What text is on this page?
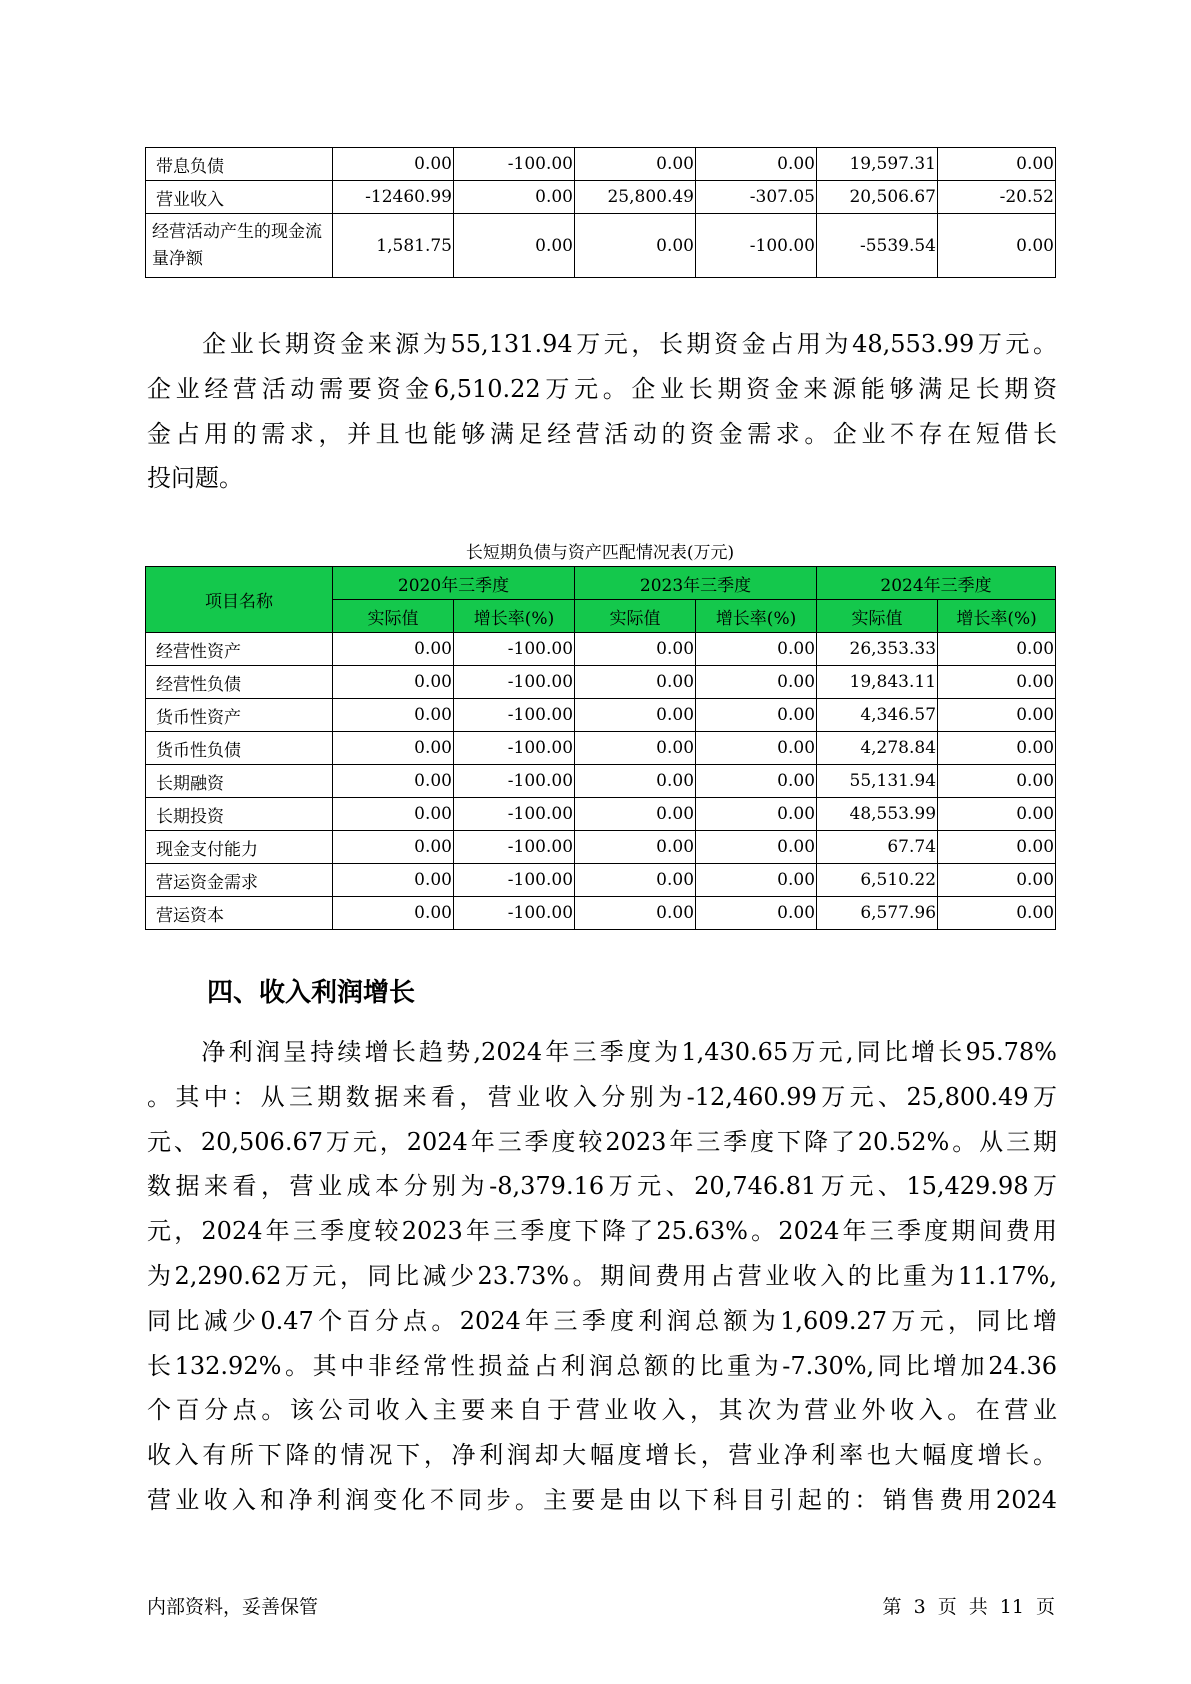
带息负债	0.00	-100.00	0.00	0.00	19,597.31	0.00
营业收入	-12460.99	0.00	25,800.49	-307.05	20,506.67	-20.52
经营活动产生的现金流量净额	1,581.75	0.00	0.00	-100.00	-5539.54	0.00
　　企业长期资金来源为55,131.94万元，长期资金占用为48,553.99万元。
企业经营活动需要资金6,510.22万元。企业长期资金来源能够满足长期资
金占用的需求，并且也能够满足经营活动的资金需求。企业不存在短借长
投问题。
长短期负债与资产匹配情况表(万元)
项目名称	2020年三季度		2023年三季度		2024年三季度	
	实际值	增长率(%)	实际值	增长率(%)	实际值	增长率(%)
经营性资产	0.00	-100.00	0.00	0.00	26,353.33	0.00
经营性负债	0.00	-100.00	0.00	0.00	19,843.11	0.00
货币性资产	0.00	-100.00	0.00	0.00	4,346.57	0.00
货币性负债	0.00	-100.00	0.00	0.00	4,278.84	0.00
长期融资	0.00	-100.00	0.00	0.00	55,131.94	0.00
长期投资	0.00	-100.00	0.00	0.00	48,553.99	0.00
现金支付能力	0.00	-100.00	0.00	0.00	67.74	0.00
营运资金需求	0.00	-100.00	0.00	0.00	6,510.22	0.00
营运资本	0.00	-100.00	0.00	0.00	6,577.96	0.00
四、收入利润增长
　　净利润呈持续增长趋势,2024年三季度为1,430.65万元,同比增长95.78%
。其中：从三期数据来看，营业收入分别为-12,460.99万元、25,800.49万
元、20,506.67万元，2024年三季度较2023年三季度下降了20.52%。从三期
数据来看，营业成本分别为-8,379.16万元、20,746.81万元、15,429.98万
元，2024年三季度较2023年三季度下降了25.63%。2024年三季度期间费用
为2,290.62万元，同比减少23.73%。期间费用占营业收入的比重为11.17%,
同比减少0.47个百分点。2024年三季度利润总额为1,609.27万元，同比增
长132.92%。其中非经常性损益占利润总额的比重为-7.30%,同比增加24.36
个百分点。该公司收入主要来自于营业收入，其次为营业外收入。在营业
收入有所下降的情况下，净利润却大幅度增长，营业净利率也大幅度增长。
营业收入和净利润变化不同步。主要是由以下科目引起的：销售费用2024
内部资料，妥善保管	第 3 页 共 11 页
